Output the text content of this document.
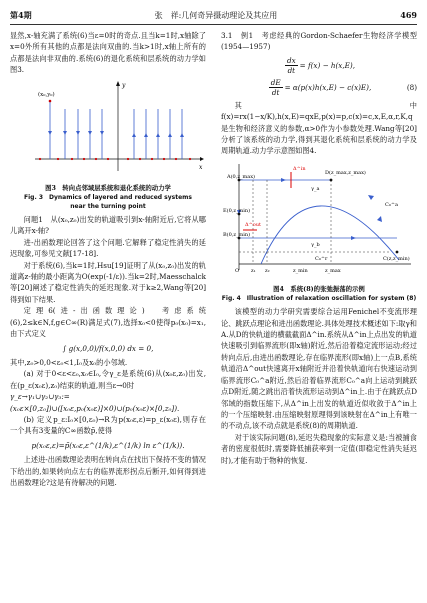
第4期	张　祥:几何奇异摄动理论及其应用	469

显然,x-轴充满了系统(6)当ε=0时的奇点.且当k=1时,x轴除了x=0外所有其他的点都是法向双曲的.当k>1时,x轴上所有的点都是法向非双曲的.系统(6)的退化系统和层系统的动力学如图3.

x
y
(x₀,y₀)
图3　转向点邻域层系统和退化系统的动力学
Fig. 3　Dynamics of layered and reduced systems
near the turning point

问题1　从(x₀,z₀)出发的轨道吸引到x-轴附近后,它将从哪儿离开x-轴?

进-出函数理论回答了这个问题.它解释了稳定性消失的延迟现象,可参见文献[17-18].

对于系统(6),当k=1时,Hsu[19]证明了从(x₀,z₀)出发的轨道离z-轴的最小距离为O(exp(-1/ε)).当k=2时,Maesschalck等[20]阐述了稳定性消失的延迟现象.对于k≥2,Wang等[20]得到如下结果.

定理6(进-出函数理论)　考虑系统(6),2≤k∈N,f,g∈C∞(R)满足式(7),选择x₀<0使得p₀(x₀)=x₁,由下式定义

∫ g(x,0,0)/f(x,0,0) dx = 0,

其中,z₀>0,0<ε₀<1,I₀及x₀的小邻域.

(a) 对于0<ε<ε₀,x₀∈I₀,令γ_ε是系统(6)从(x₀ε,z₀)出发,在(p_ε(x₀ε),z₀)结束的轨道,则当ε→0时

γ_ε→γ₁∪γ₂∪γ₃:=(x₀ε×[0,z₀])∪([x₀ε,p₀(x₀ε)]×0)∪(p₀(x₀ε)×[0,z₀]).

(b) 定义p_ε:I₀×[0,ε₀)→R为p(x₀ε,ε)=p_ε(x₀ε),则存在一个具有3变量的C∞函数p̃,使得

p(x₀ε,ε)=p̃(x₀ε,ε^(1/k),ε^(1/k) ln ε^(1/k)).

上述进-出函数理论表明在转向点在找出下保持不变的情况下给出的,如果转向点左右的临界流形拐点后断开,如何得到进出函数理论?这是有待解决的问题.

3.1　例1　考虑经典的Gordon-Schaefer生物经济学模型(1954—1957)

$\frac{dx}{dt} = f(x) - h(x,E)$,
$\frac{dE}{dt} = \alpha(p(x)h(x,E) - c(x)E)$,	(8)

其中f(x)=rx(1−x/K),h(x,E)=qxE,p(x)=p,c(x)=c,x,E,α,r,K,q是生物和经济意义的参数,α>0作为小参数处理.Wang等[20]分析了该系统的动力学,得到其退化系统和层系统的动力学及周期轨道.动力学示意图如图4.

A(0,z_max)
D(z_max,z_max)
E(0,z_min)
B(0,z_min)
C(z,z_min)
Δ^in
Δ^out
C₀^a
C₀^r
γ_a
γ_b
O z₁ z₂	z_min	z_max
图4　系统(8)的张弛振荡的示例
Fig. 4　Illustration of relaxation oscillation for system (8)

该模型的动力学研究需要综合运用Fenichel不变流形理论、跳跃点理论和进出函数理论.具体处理技术概述如下:取γ和A.从D的快轨道的横截截面Δ^in.系统从Δ^in上点出发的轨道快速吸引到临界流形(即x轴)附近,然后沿着稳定流形运动;经过转向点后,由进出函数理论,存在临界流形(即x轴)上一点B,系统轨道沿Δ^out快速离开x轴附近并沿着快轨道向右快速运动到临界流形C₀^a附近,然后沿着临界流形C₀^a向上运动到跳跃点D附近,随之跳出沿着快流形运动到Δ^in上.由于在跳跃点D邻域的指数压缩下,从Δ^in上出发的轨道近似收敛于Δ^in上的一个压缩映射.由压缩映射原理得到该映射在Δ^in上有唯一的不动点,该不动点就是系统(8)的周期轨道.

对于该实际问题(8),延迟失稳现象的实际意义是:当被捕食者的密度很低时,需要降低捕获率到一定值(即稳定性消失延迟时),才能有助于物种的恢复.
